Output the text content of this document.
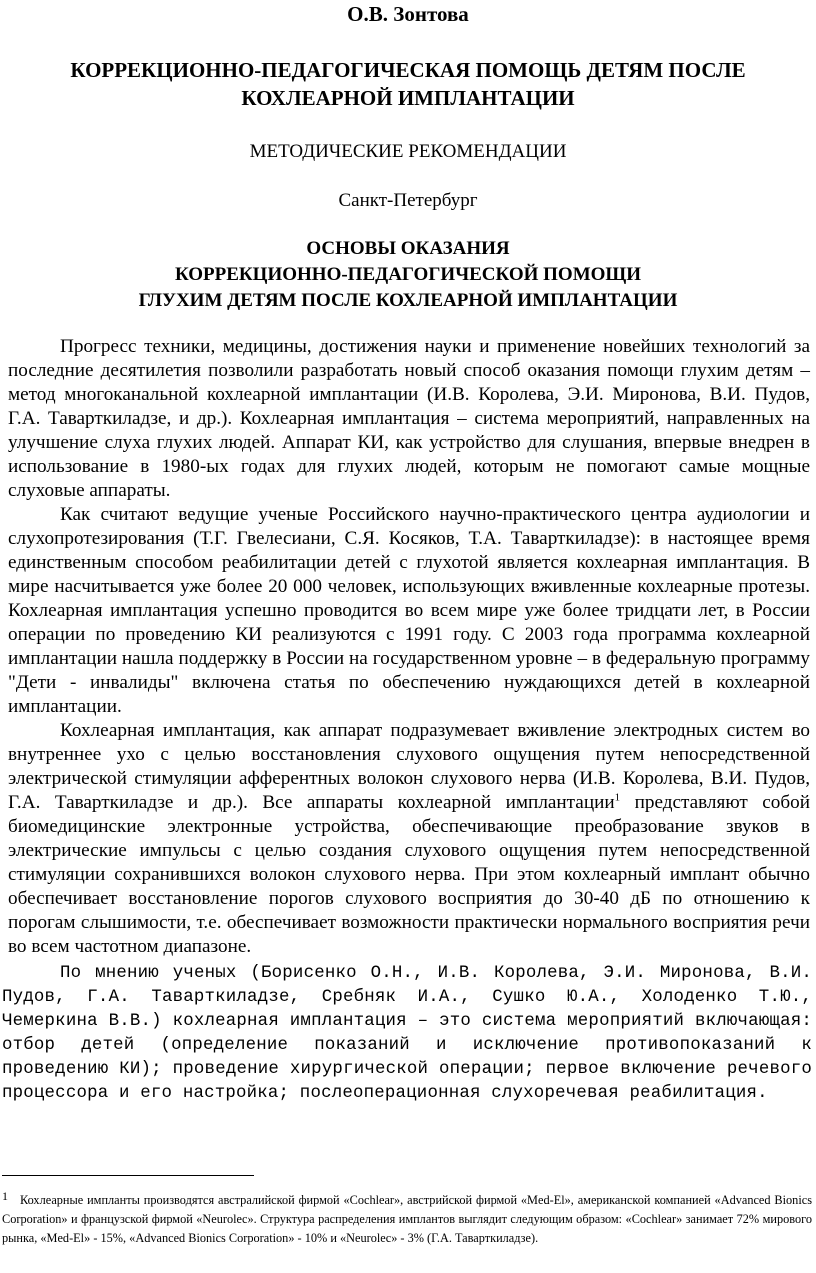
О.В. Зонтова
КОРРЕКЦИОННО-ПЕДАГОГИЧЕСКАЯ ПОМОЩЬ ДЕТЯМ ПОСЛЕ
КОХЛЕАРНОЙ ИМПЛАНТАЦИИ
МЕТОДИЧЕСКИЕ РЕКОМЕНДАЦИИ
Санкт-Петербург
ОСНОВЫ ОКАЗАНИЯ
КОРРЕКЦИОННО-ПЕДАГОГИЧЕСКОЙ ПОМОЩИ
ГЛУХИМ ДЕТЯМ ПОСЛЕ КОХЛЕАРНОЙ ИМПЛАНТАЦИИ

Прогресс техники, медицины, достижения науки и применение новейших технологий за последние десятилетия позволили разработать новый способ оказания помощи глухим детям – метод многоканальной кохлеарной имплантации (И.В. Королева, Э.И. Миронова, В.И. Пудов, Г.А. Таварткиладзе, и др.). Кохлеарная имплантация – система мероприятий, направленных на улучшение слуха глухих людей. Аппарат КИ, как устройство для слушания, впервые внедрен в использование в 1980-ых годах для глухих людей, которым не помогают самые мощные слуховые аппараты.

Как считают ведущие ученые Российского научно-практического центра аудиологии и слухопротезирования (Т.Г. Гвелесиани, С.Я. Косяков, Т.А. Таварткиладзе): в настоящее время единственным способом реабилитации детей с глухотой является кохлеарная имплантация. В мире насчитывается уже более 20 000 человек, использующих вживленные кохлеарные протезы. Кохлеарная имплантация успешно проводится во всем мире уже более тридцати лет, в России операции по проведению КИ реализуются с 1991 году. С 2003 года программа кохлеарной имплантации нашла поддержку в России на государственном уровне – в федеральную программу "Дети - инвалиды" включена статья по обеспечению нуждающихся детей в кохлеарной имплантации.

Кохлеарная имплантация, как аппарат подразумевает вживление электродных систем во внутреннее ухо с целью восстановления слухового ощущения путем непосредственной электрической стимуляции афферентных волокон слухового нерва (И.В. Королева, В.И. Пудов, Г.А. Таварткиладзе и др.). Все аппараты кохлеарной имплантации$^1$ представляют собой биомедицинские электронные устройства, обеспечивающие преобразование звуков в электрические импульсы с целью создания слухового ощущения путем непосредственной стимуляции сохранившихся волокон слухового нерва. При этом кохлеарный имплант обычно обеспечивает восстановление порогов слухового восприятия до 30-40 дБ по отношению к порогам слышимости, т.е. обеспечивает возможности практически нормального восприятия речи во всем частотном диапазоне.

По мнению ученых (Борисенко О.Н., И.В. Королева, Э.И. Миронова, В.И. Пудов, Г.А. Таварткиладзе, Сребняк И.А., Сушко Ю.А., Холоденко Т.Ю., Чемеркина В.В.) кохлеарная имплантация – это система мероприятий включающая: отбор детей (определение показаний и исключение противопоказаний к проведению КИ); проведение хирургической операции; первое включение речевого процессора и его настройка; послеоперационная слухоречевая реабилитация.

$^1$ Кохлеарные импланты производятся австралийской фирмой «Cochlear», австрийской фирмой «Med-El», американской компанией «Advanced Bionics Corporation» и французской фирмой «Neurolec». Структура распределения имплантов выглядит следующим образом: «Cochlear» занимает 72% мирового рынка, «Med-El» - 15%, «Advanced Bionics Corporation» - 10% и «Neurolec» - 3% (Г.А. Таварткиладзе).
